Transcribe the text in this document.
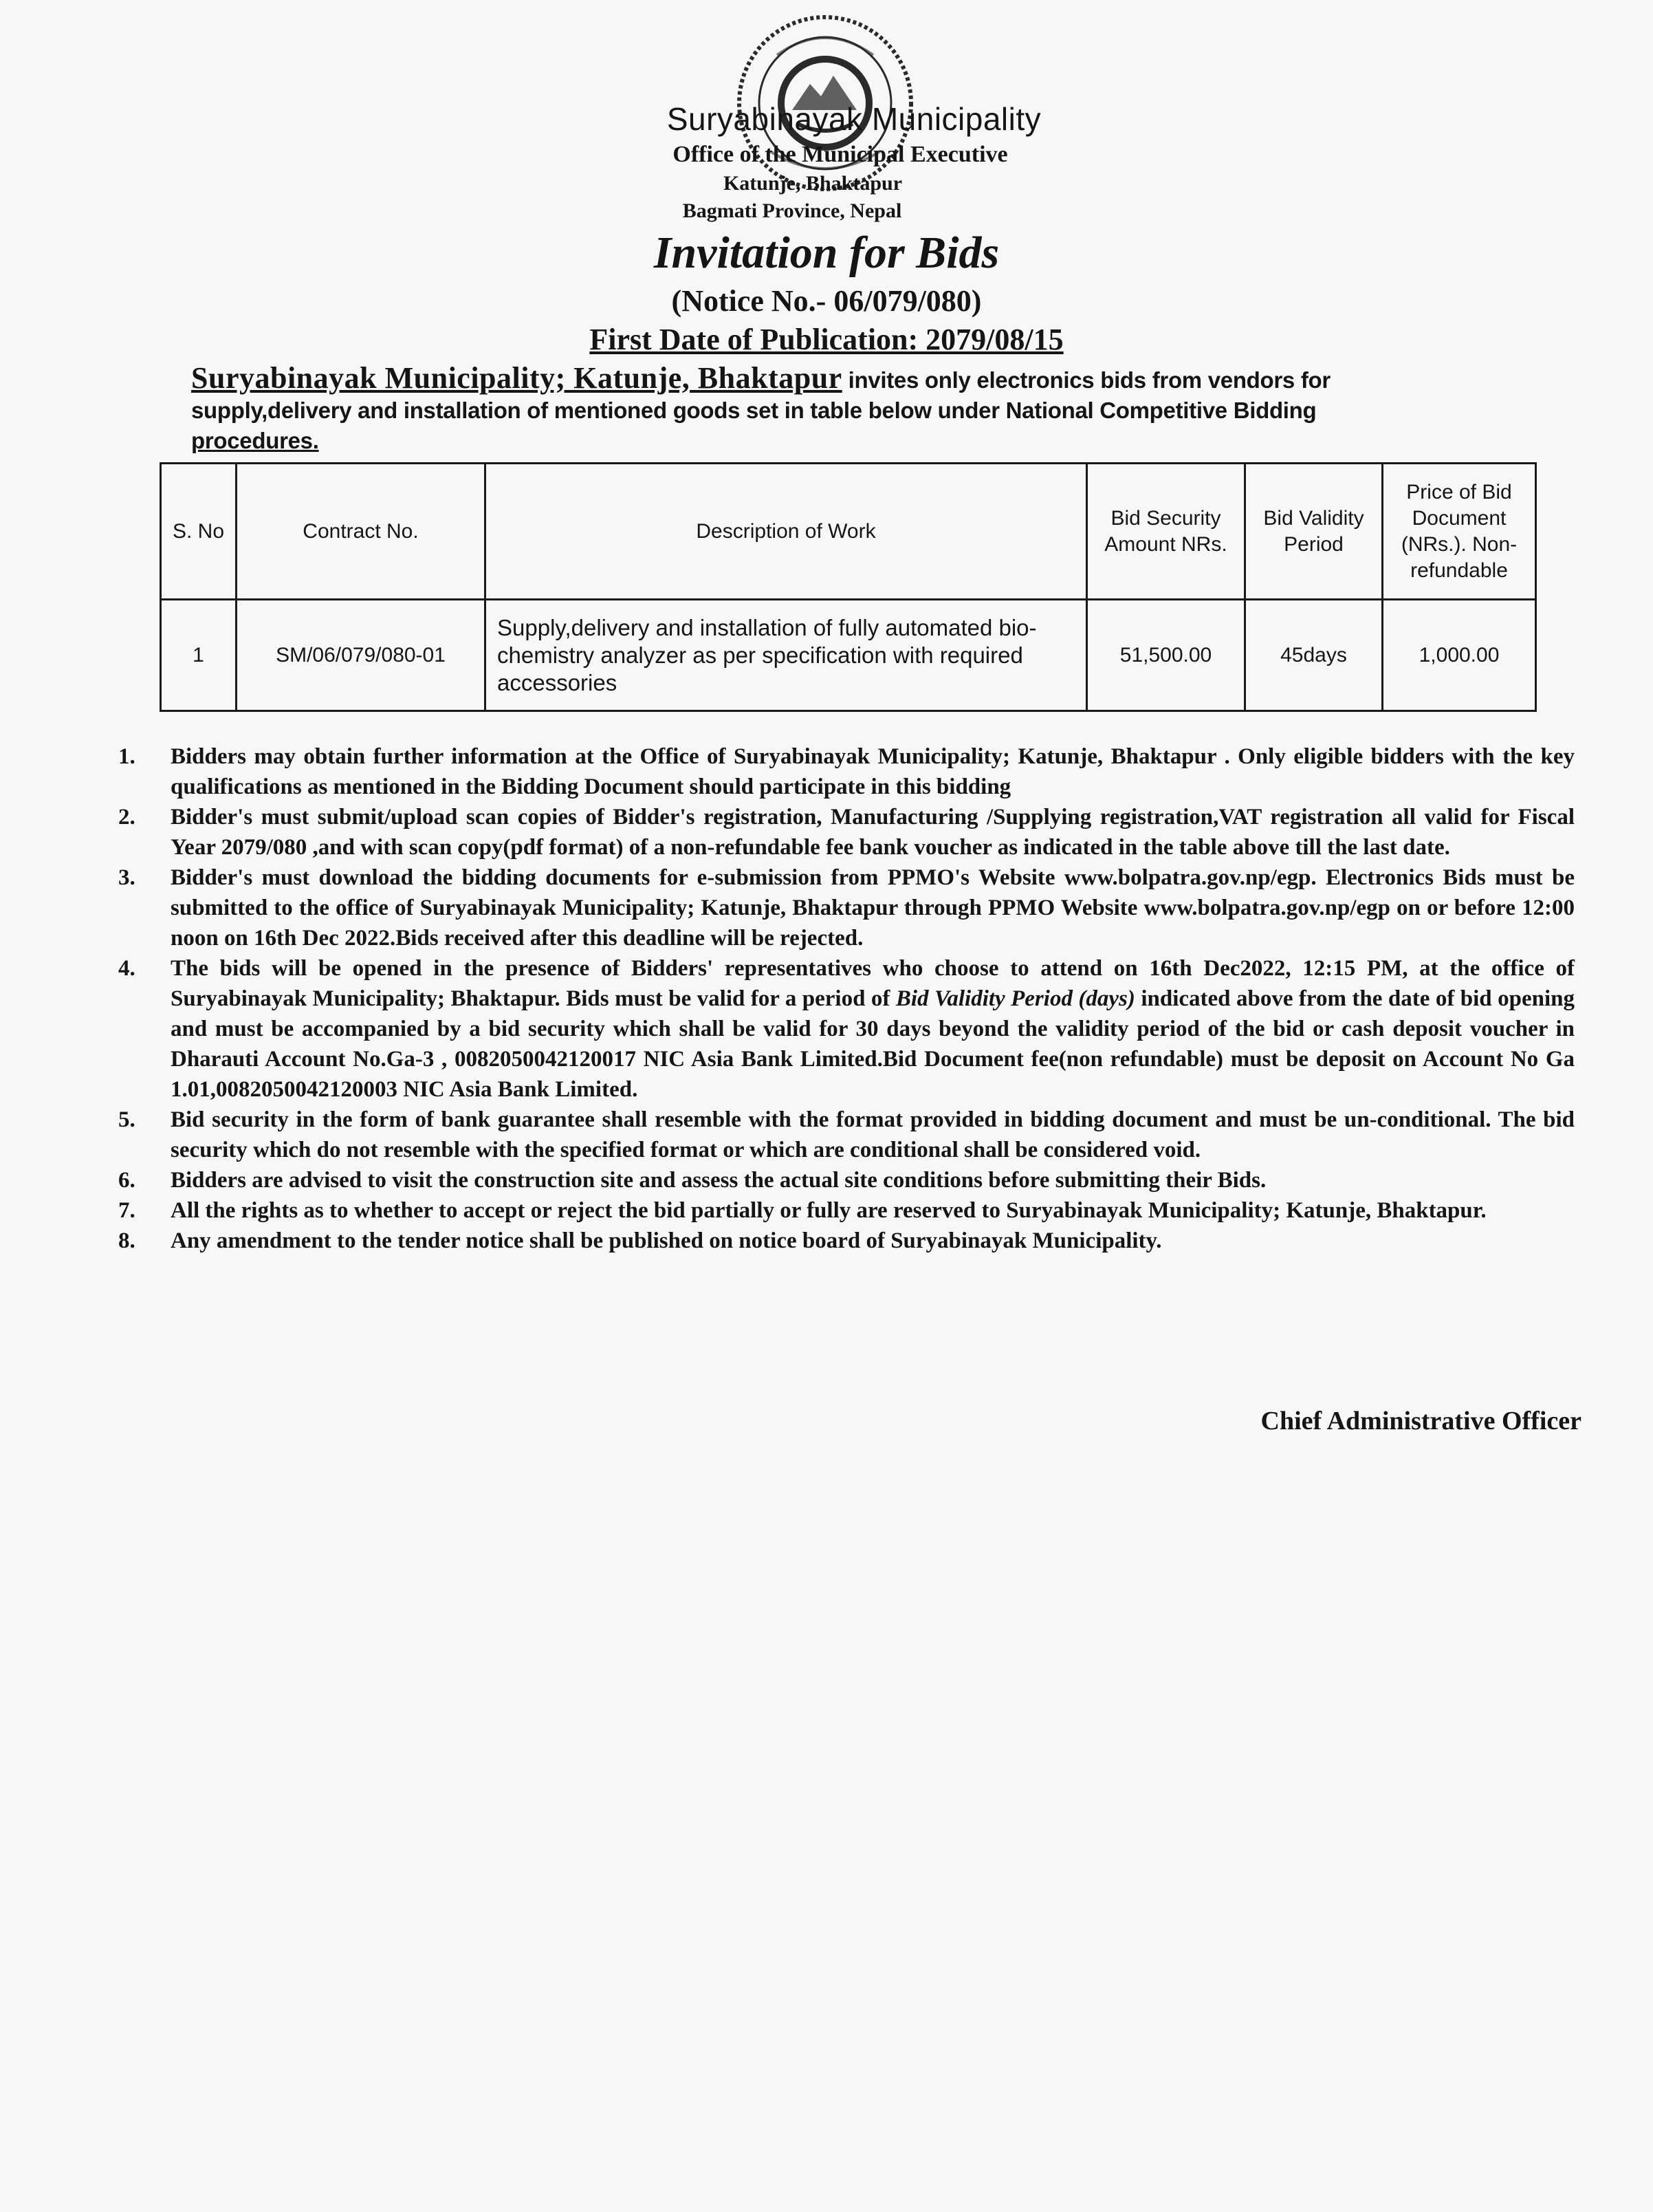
Suryabinayak Municipality
Office of the Municipal Executive
Katunje, Bhaktapur
Bagmati Province, Nepal
Invitation for Bids
(Notice No.- 06/079/080)
First Date of Publication: 2079/08/15
Suryabinayak Municipality; Katunje, Bhaktapur invites only electronics bids from vendors for supply,delivery and installation of mentioned goods set in table below under National Competitive Bidding procedures.
S. No	Contract No.	Description of Work	Bid Security Amount NRs.	Bid Validity Period	Price of Bid Document (NRs.). Non-refundable
1	SM/06/079/080-01	Supply,delivery and installation of fully automated bio-chemistry analyzer as per specification with required accessories	51,500.00	45days	1,000.00
1. Bidders may obtain further information at the Office of Suryabinayak Municipality; Katunje, Bhaktapur . Only eligible bidders with the key qualifications as mentioned in the Bidding Document should participate in this bidding
2. Bidder's must submit/upload scan copies of Bidder's registration, Manufacturing /Supplying registration,VAT registration all valid for Fiscal Year 2079/080 ,and with scan copy(pdf format) of a non-refundable fee bank voucher as indicated in the table above till the last date.
3. Bidder's must download the bidding documents for e-submission from PPMO's Website www.bolpatra.gov.np/egp. Electronics Bids must be submitted to the office of Suryabinayak Municipality; Katunje, Bhaktapur through PPMO Website www.bolpatra.gov.np/egp on or before 12:00 noon on 16th Dec 2022.Bids received after this deadline will be rejected.
4. The bids will be opened in the presence of Bidders' representatives who choose to attend on 16th Dec2022, 12:15 PM, at the office of Suryabinayak Municipality; Bhaktapur. Bids must be valid for a period of Bid Validity Period (days) indicated above from the date of bid opening and must be accompanied by a bid security which shall be valid for 30 days beyond the validity period of the bid or cash deposit voucher in Dharauti Account No.Ga-3 , 0082050042120017 NIC Asia Bank Limited.Bid Document fee(non refundable) must be deposit on Account No Ga 1.01,0082050042120003 NIC Asia Bank Limited.
5. Bid security in the form of bank guarantee shall resemble with the format provided in bidding document and must be un-conditional. The bid security which do not resemble with the specified format or which are conditional shall be considered void.
6. Bidders are advised to visit the construction site and assess the actual site conditions before submitting their Bids.
7. All the rights as to whether to accept or reject the bid partially or fully are reserved to Suryabinayak Municipality; Katunje, Bhaktapur.
8. Any amendment to the tender notice shall be published on notice board of Suryabinayak Municipality.
Chief Administrative Officer
